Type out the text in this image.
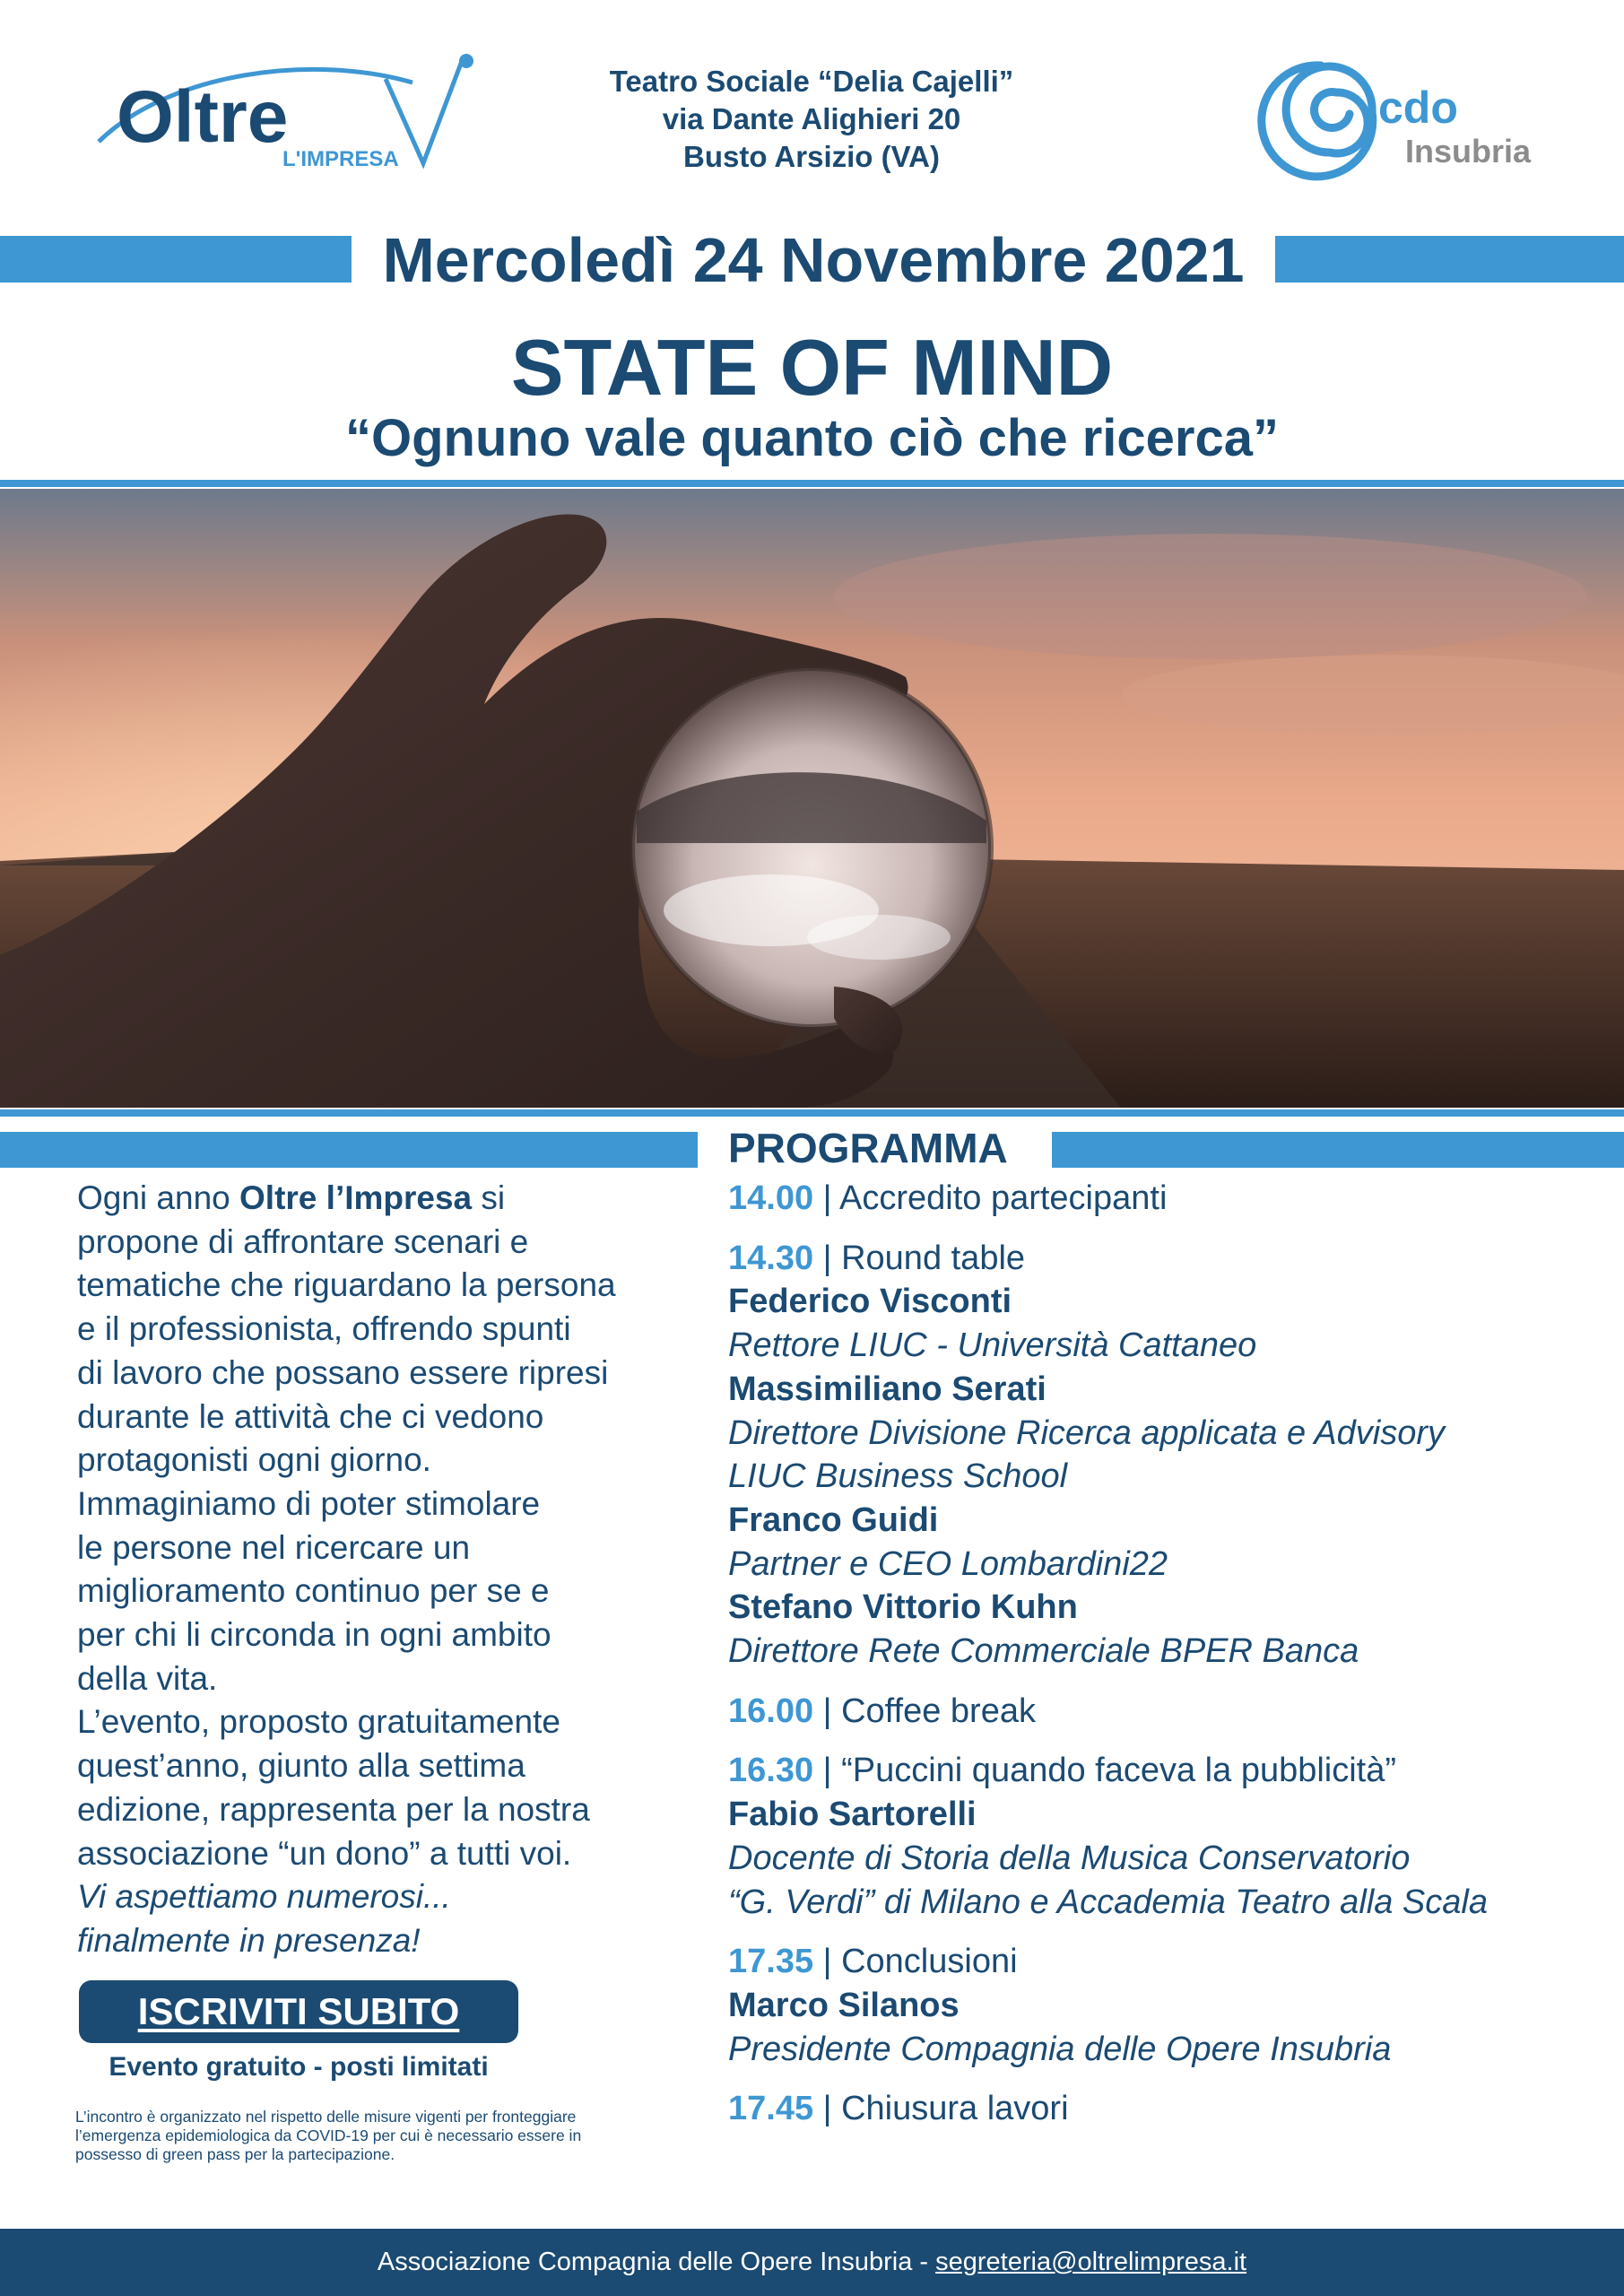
Oltre
L'IMPRESA
Teatro Sociale “Delia Cajelli”
via Dante Alighieri 20
Busto Arsizio (VA)
cdo
Insubria
Mercoledì 24 Novembre 2021
STATE OF MIND
“Ognuno vale quanto ciò che ricerca”
PROGRAMMA
Ogni anno Oltre l’Impresa si
propone di affrontare scenari e
tematiche che riguardano la persona
e il professionista, offrendo spunti
di lavoro che possano essere ripresi
durante le attività che ci vedono
protagonisti ogni giorno.
Immaginiamo di poter stimolare
le persone nel ricercare un
miglioramento continuo per se e
per chi li circonda in ogni ambito
della vita.
L’evento, proposto gratuitamente
quest’anno, giunto alla settima
edizione, rappresenta per la nostra
associazione “un dono” a tutti voi.
Vi aspettiamo numerosi...
finalmente in presenza!
ISCRIVITI SUBITO
Evento gratuito - posti limitati
L’incontro è organizzato nel rispetto delle misure vigenti per fronteggiare
l’emergenza epidemiologica da COVID-19 per cui è necessario essere in
possesso di green pass per la partecipazione.
14.00 | Accredito partecipanti
14.30 | Round table
Federico Visconti
Rettore LIUC - Università Cattaneo
Massimiliano Serati
Direttore Divisione Ricerca applicata e Advisory
LIUC Business School
Franco Guidi
Partner e CEO Lombardini22
Stefano Vittorio Kuhn
Direttore Rete Commerciale BPER Banca
16.00 | Coffee break
16.30 | “Puccini quando faceva la pubblicità”
Fabio Sartorelli
Docente di Storia della Musica Conservatorio
“G. Verdi” di Milano e Accademia Teatro alla Scala
17.35 | Conclusioni
Marco Silanos
Presidente Compagnia delle Opere Insubria
17.45 | Chiusura lavori
Associazione Compagnia delle Opere Insubria - segreteria@oltrelimpresa.it
